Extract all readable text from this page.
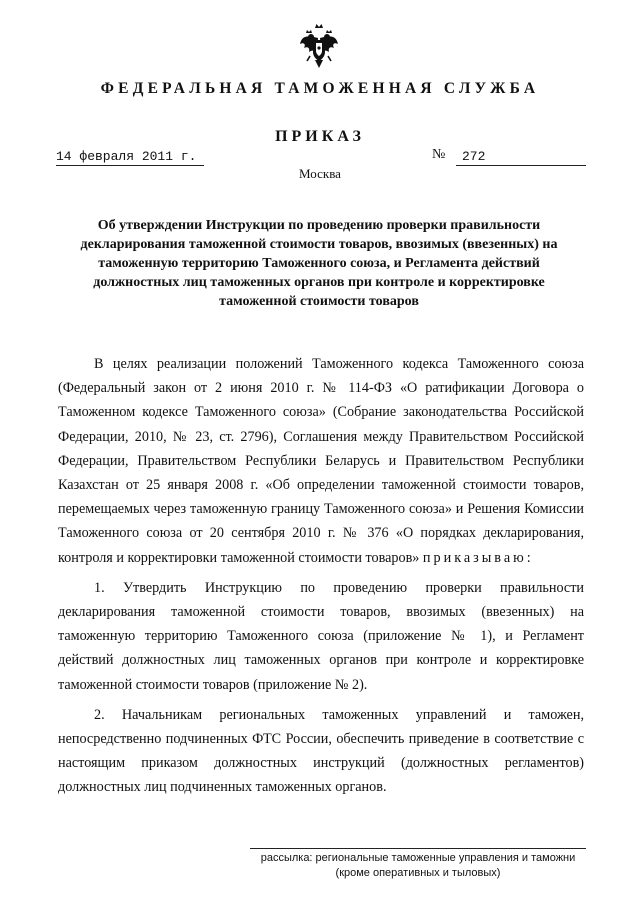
ФЕДЕРАЛЬНАЯ ТАМОЖЕННАЯ СЛУЖБА
ПРИКАЗ
14 февраля 2011 г.	№	272
Москва

Об утверждении Инструкции по проведению проверки правильности декларирования таможенной стоимости товаров, ввозимых (ввезенных) на таможенную территорию Таможенного союза, и Регламента действий должностных лиц таможенных органов при контроле и корректировке таможенной стоимости товаров

В целях реализации положений Таможенного кодекса Таможенного союза (Федеральный закон от 2 июня 2010 г. № 114-ФЗ «О ратификации Договора о Таможенном кодексе Таможенного союза» (Собрание законодательства Российской Федерации, 2010, № 23, ст. 2796), Соглашения между Правительством Российской Федерации, Правительством Республики Беларусь и Правительством Республики Казахстан от 25 января 2008 г. «Об определении таможенной стоимости товаров, перемещаемых через таможенную границу Таможенного союза» и Решения Комиссии Таможенного союза от 20 сентября 2010 г. № 376 «О порядках декларирования, контроля и корректировки таможенной стоимости товаров» приказываю:

1. Утвердить Инструкцию по проведению проверки правильности декларирования таможенной стоимости товаров, ввозимых (ввезенных) на таможенную территорию Таможенного союза (приложение № 1), и Регламент действий должностных лиц таможенных органов при контроле и корректировке таможенной стоимости товаров (приложение № 2).

2. Начальникам региональных таможенных управлений и таможен, непосредственно подчиненных ФТС России, обеспечить приведение в соответствие с настоящим приказом должностных инструкций (должностных регламентов) должностных лиц подчиненных таможенных органов.

рассылка: региональные таможенные управления и таможни
(кроме оперативных и тыловых)
